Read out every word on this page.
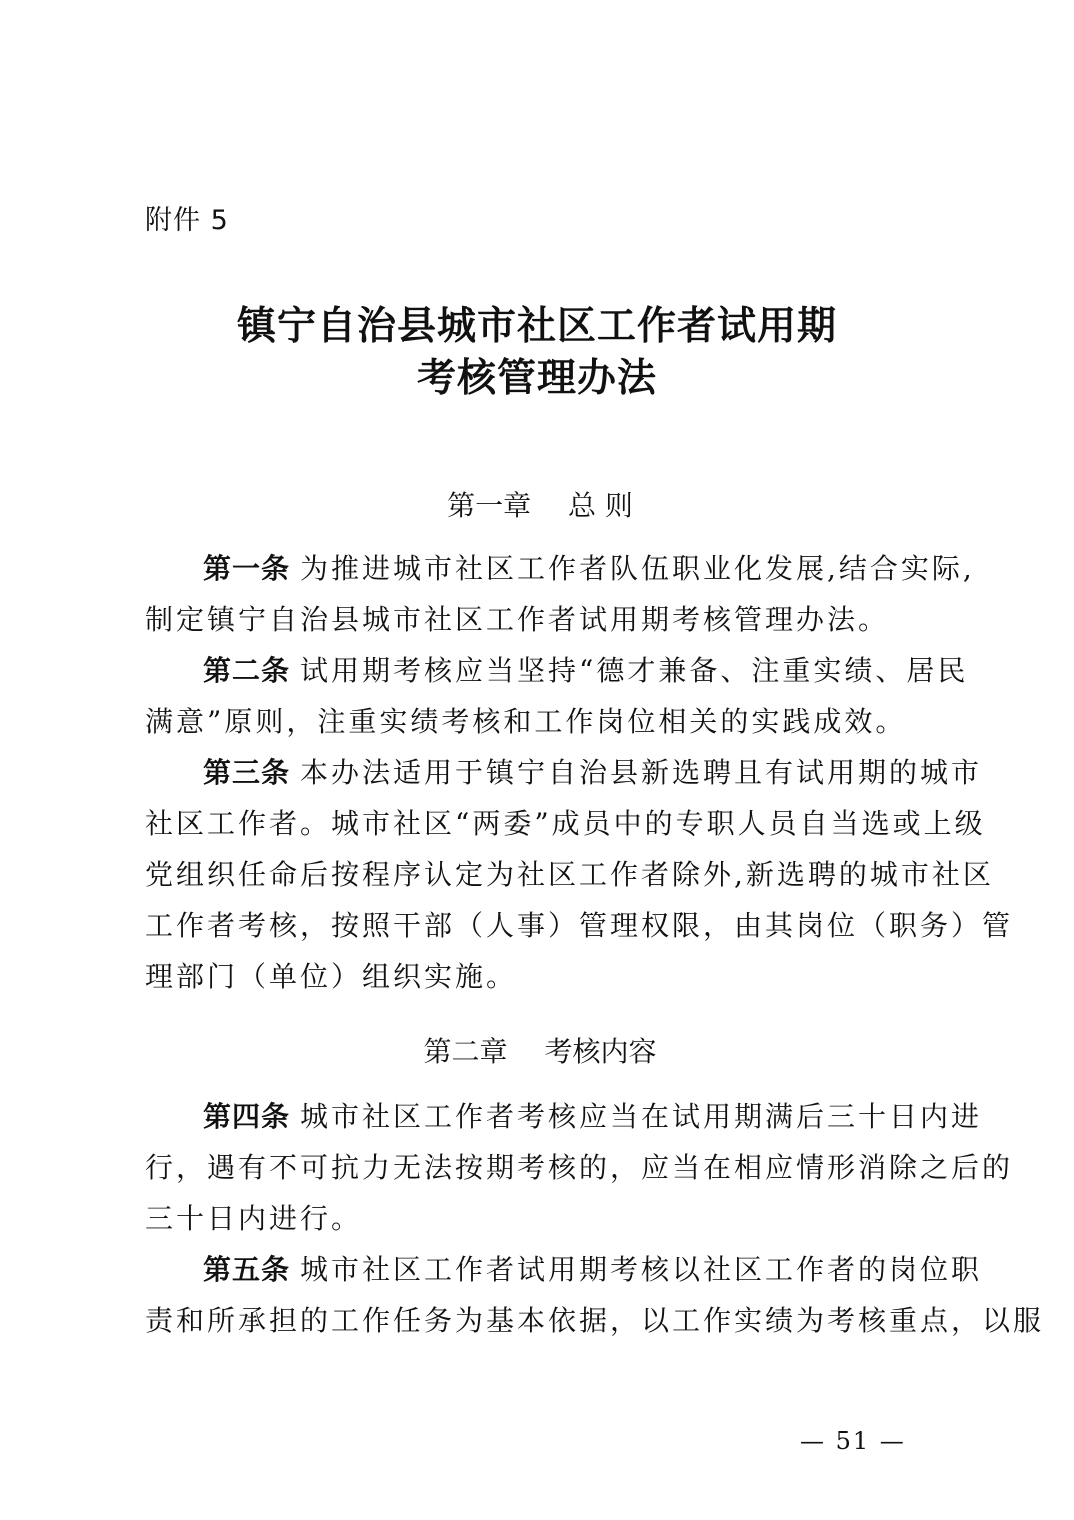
附件 5
镇宁自治县城市社区工作者试用期
考核管理办法
第一章　 总 则
第一条 为推进城市社区工作者队伍职业化发展,结合实际,
制定镇宁自治县城市社区工作者试用期考核管理办法。
第二条 试用期考核应当坚持“德才兼备、注重实绩、居民
满意”原则，注重实绩考核和工作岗位相关的实践成效。
第三条 本办法适用于镇宁自治县新选聘且有试用期的城市
社区工作者。城市社区“两委”成员中的专职人员自当选或上级
党组织任命后按程序认定为社区工作者除外,新选聘的城市社区
工作者考核，按照干部（人事）管理权限，由其岗位（职务）管
理部门（单位）组织实施。
第二章　 考核内容
第四条 城市社区工作者考核应当在试用期满后三十日内进
行，遇有不可抗力无法按期考核的，应当在相应情形消除之后的
三十日内进行。
第五条 城市社区工作者试用期考核以社区工作者的岗位职
责和所承担的工作任务为基本依据，以工作实绩为考核重点，以服
— 51 —
